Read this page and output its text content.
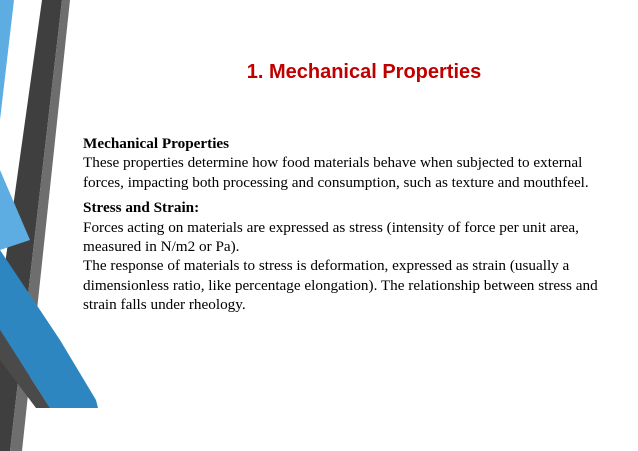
1. Mechanical Properties

Mechanical Properties

These properties determine how food materials behave when subjected to external forces, impacting both processing and consumption, such as texture and mouthfeel.

Stress and Strain:

Forces acting on materials are expressed as stress (intensity of force per unit area, measured in N/m2 or Pa).

The response of materials to stress is deformation, expressed as strain (usually a dimensionless ratio, like percentage elongation). The relationship between stress and strain falls under rheology.
